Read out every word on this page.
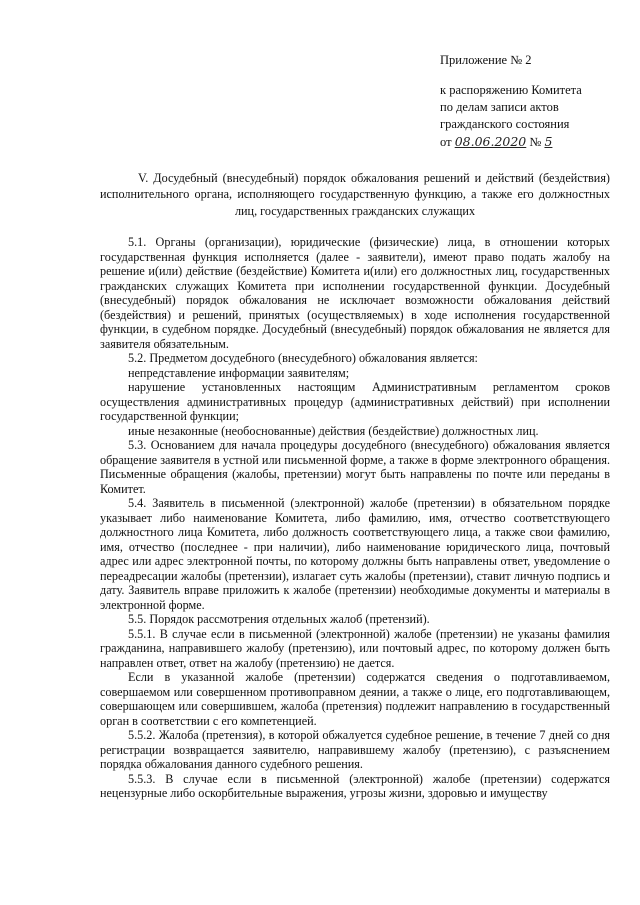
Приложение № 2
к распоряжению Комитета
по делам записи актов
гражданского состояния
от 08.06.2020 № 5
V. Досудебный (внесудебный) порядок обжалования решений и действий (бездействия) исполнительного органа, исполняющего государственную функцию, а также его должностных лиц, государственных гражданских служащих

5.1. Органы (организации), юридические (физические) лица, в отношении которых государственная функция исполняется (далее - заявители), имеют право подать жалобу на решение и(или) действие (бездействие) Комитета и(или) его должностных лиц, государственных гражданских служащих Комитета при исполнении государственной функции. Досудебный (внесудебный) порядок обжалования не исключает возможности обжалования действий (бездействия) и решений, принятых (осуществляемых) в ходе исполнения государственной функции, в судебном порядке. Досудебный (внесудебный) порядок обжалования не является для заявителя обязательным.

5.2. Предметом досудебного (внесудебного) обжалования является:

непредставление информации заявителям;

нарушение установленных настоящим Административным регламентом сроков осуществления административных процедур (административных действий) при исполнении государственной функции;

иные незаконные (необоснованные) действия (бездействие) должностных лиц.

5.3. Основанием для начала процедуры досудебного (внесудебного) обжалования является обращение заявителя в устной или письменной форме, а также в форме электронного обращения. Письменные обращения (жалобы, претензии) могут быть направлены по почте или переданы в Комитет.

5.4. Заявитель в письменной (электронной) жалобе (претензии) в обязательном порядке указывает либо наименование Комитета, либо фамилию, имя, отчество соответствующего должностного лица Комитета, либо должность соответствующего лица, а также свои фамилию, имя, отчество (последнее - при наличии), либо наименование юридического лица, почтовый адрес или адрес электронной почты, по которому должны быть направлены ответ, уведомление о переадресации жалобы (претензии), излагает суть жалобы (претензии), ставит личную подпись и дату. Заявитель вправе приложить к жалобе (претензии) необходимые документы и материалы в электронной форме.

5.5. Порядок рассмотрения отдельных жалоб (претензий).

5.5.1. В случае если в письменной (электронной) жалобе (претензии) не указаны фамилия гражданина, направившего жалобу (претензию), или почтовый адрес, по которому должен быть направлен ответ, ответ на жалобу (претензию) не дается.

Если в указанной жалобе (претензии) содержатся сведения о подготавливаемом, совершаемом или совершенном противоправном деянии, а также о лице, его подготавливающем, совершающем или совершившем, жалоба (претензия) подлежит направлению в государственный орган в соответствии с его компетенцией.

5.5.2. Жалоба (претензия), в которой обжалуется судебное решение, в течение 7 дней со дня регистрации возвращается заявителю, направившему жалобу (претензию), с разъяснением порядка обжалования данного судебного решения.

5.5.3. В случае если в письменной (электронной) жалобе (претензии) содержатся нецензурные либо оскорбительные выражения, угрозы жизни, здоровью и имуществу
